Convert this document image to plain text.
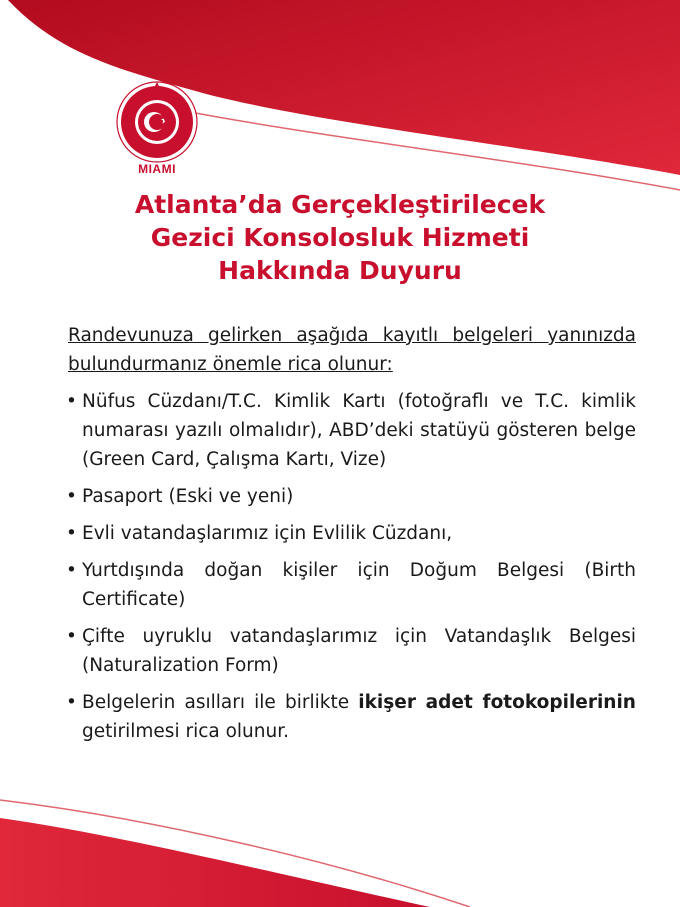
MIAMI
Atlanta’da Gerçekleştirilecek
Gezici Konsolosluk Hizmeti
Hakkında Duyuru
Randevunuza gelirken aşağıda kayıtlı belgeleri yanınızda bulundurmanız önemle rica olunur:
• Nüfus Cüzdanı/T.C. Kimlik Kartı (fotoğraflı ve T.C. kimlik numarası yazılı olmalıdır), ABD’deki statüyü gösteren belge (Green Card, Çalışma Kartı, Vize)
• Pasaport (Eski ve yeni)
• Evli vatandaşlarımız için Evlilik Cüzdanı,
• Yurtdışında doğan kişiler için Doğum Belgesi (Birth Certificate)
• Çifte uyruklu vatandaşlarımız için Vatandaşlık Belgesi (Naturalization Form)
• Belgelerin asılları ile birlikte ikişer adet fotokopilerinin getirilmesi rica olunur.
